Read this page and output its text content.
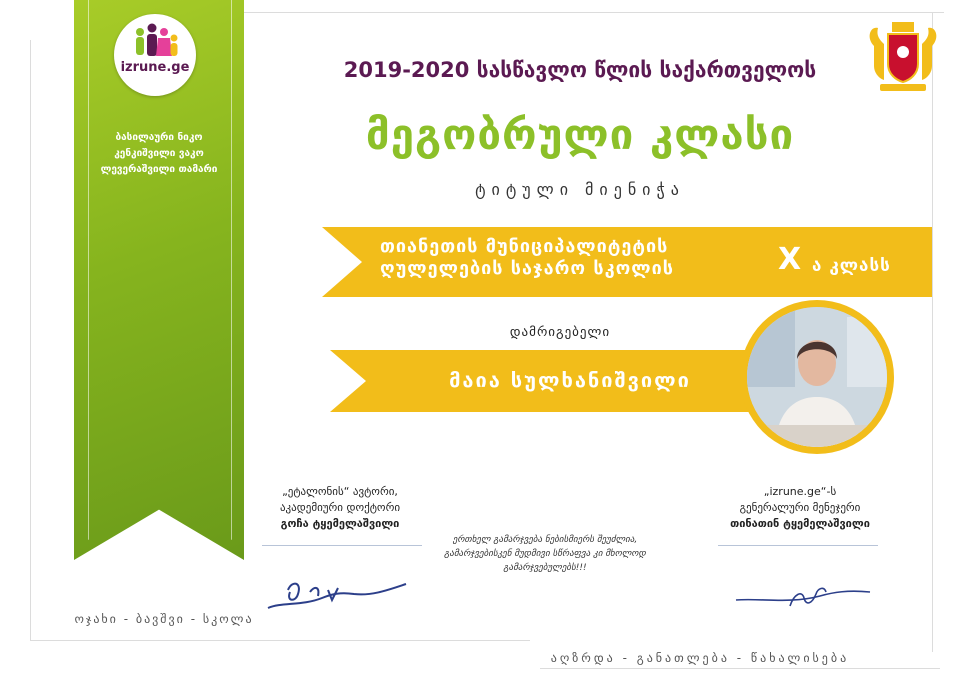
izrune.ge
ბასილაური ნიკო
კენკიშვილი ვაკო
ლევერაშვილი თამარი
2019-2020 სასწავლო წლის საქართველოს
მეგობრული კლასი
ტიტული მიენიჭა
თიანეთის მუნიციპალიტეტის
ღულელების საჯარო სკოლის	X ა კლასს
დამრიგებელი
მაია სულხანიშვილი
„ეტალონის“ ავტორი,
აკადემიური დოქტორი
გოჩა ტყემელაშვილი
„izrune.ge“-ს
გენერალური მენეჯერი
თინათინ ტყემელაშვილი
ერთხელ გამარჯვება ნებისმიერს შეუძლია,
გამარჯვებისკენ მუდმივი სწრაფვა კი მხოლოდ გამარჯვებულებს!!!
ოჯახი - ბავშვი - სკოლა
აღზრდა - განათლება - წახალისება
